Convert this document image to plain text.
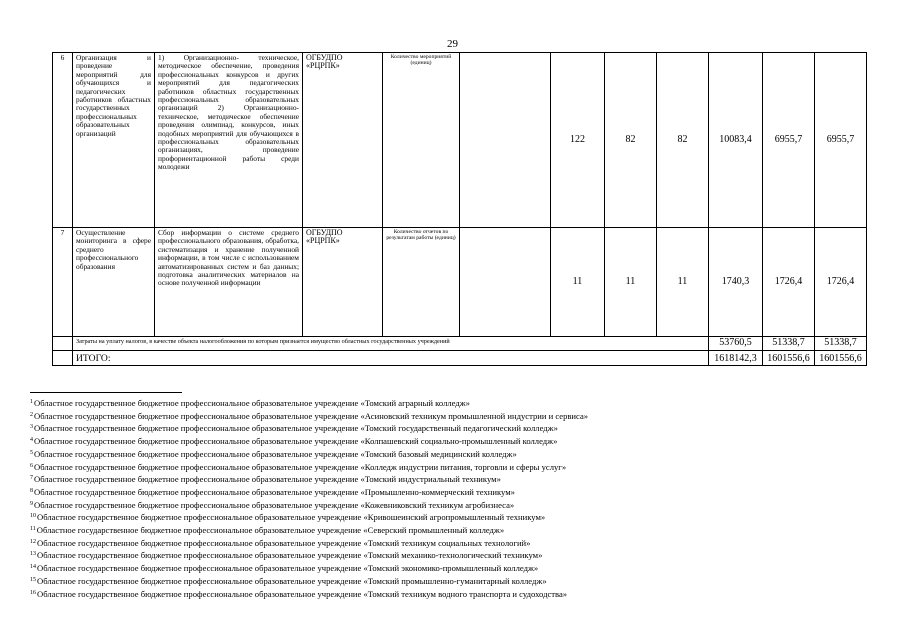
29
6	Организация и проведение мероприятий для обучающихся и педагогических работников областных государственных профессиональных образовательных организаций	1) Организационно- техническое, методическое обеспечение, проведения профессиональных конкурсов и других мероприятий для педагогических работников областных государственных профессиональных образовательных организаций 2) Организационно- техническое, методическое обеспечение проведения олимпиад, конкурсов, иных подобных мероприятий для обучающихся в профессиональных образовательных организациях, проведение профориентационной работы среди молодежи	ОГБУДПО «РЦРПК»	Количество мероприятий (единиц)		122	82	82	10083,4	6955,7	6955,7
7	Осуществление мониторинга в сфере среднего профессионального образования	Сбор информации о системе среднего профессионального образования, обработка, систематизация и хранение полученной информации, в том числе с использованием автоматизированных систем и баз данных; подготовка аналитических материалов на основе полученной информации	ОГБУДПО «РЦРПК»	Количество отчетов по результатам работы (единиц)		11	11	11	1740,3	1726,4	1726,4
	Затраты на уплату налогов, в качестве объекта налогообложения по которым признается имущество областных государственных учреждений								53760,5	51338,7	51338,7
	ИТОГО:								1618142,3	1601556,6	1601556,6
$^1$Областное государственное бюджетное профессиональное образовательное учреждение «Томский аграрный колледж»
$^2$Областное государственное бюджетное профессиональное образовательное учреждение «Асиновский техникум промышленной индустрии и сервиса»
$^3$Областное государственное бюджетное профессиональное образовательное учреждение «Томский государственный педагогический колледж»
$^4$Областное государственное бюджетное профессиональное образовательное учреждение «Колпашевский социально-промышленный колледж»
$^5$Областное государственное бюджетное профессиональное образовательное учреждение «Томский базовый медицинский колледж»
$^6$Областное государственное бюджетное профессиональное образовательное учреждение «Колледж индустрии питания, торговли и сферы услуг»
$^7$Областное государственное бюджетное профессиональное образовательное учреждение «Томский индустриальный техникум»
$^8$Областное государственное бюджетное профессиональное образовательное учреждение «Промышленно-коммерческий техникум»
$^9$Областное государственное бюджетное профессиональное образовательное учреждение «Кожевниковский техникум агробизнеса»
$^{10}$Областное государственное бюджетное профессиональное образовательное учреждение «Кривошеинский агропромышленный техникум»
$^{11}$Областное государственное бюджетное профессиональное образовательное учреждение «Северский промышленный колледж»
$^{12}$Областное государственное бюджетное профессиональное образовательное учреждение «Томский техникум социальных технологий»
$^{13}$Областное государственное бюджетное профессиональное образовательное учреждение «Томский механико-технологический техникум»
$^{14}$Областное государственное бюджетное профессиональное образовательное учреждение «Томский экономико-промышленный колледж»
$^{15}$Областное государственное бюджетное профессиональное образовательное учреждение «Томский промышленно-гуманитарный колледж»
$^{16}$Областное государственное бюджетное профессиональное образовательное учреждение «Томский техникум водного транспорта и судоходства»
